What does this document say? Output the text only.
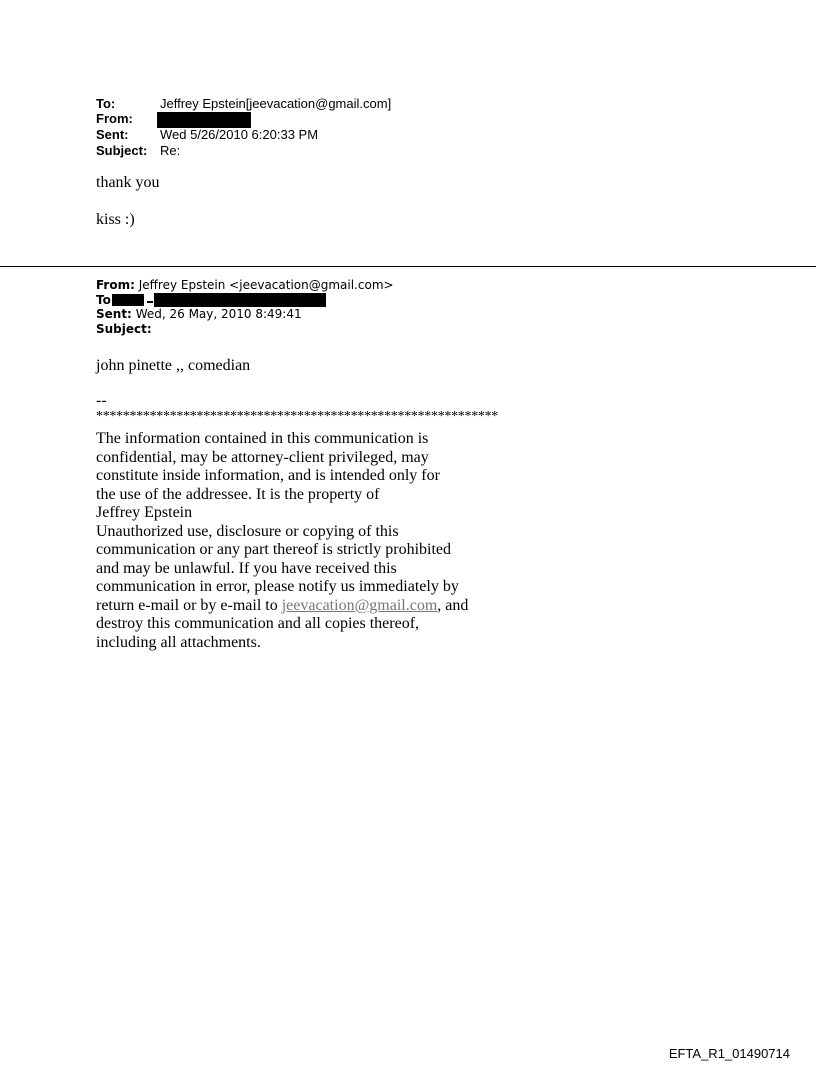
To:	Jeffrey Epstein[jeevacation@gmail.com]
From:
Sent: Wed 5/26/2010 6:20:33 PM
Subject: Re:
thank you
kiss :)
From: Jeffrey Epstein <jeevacation@gmail.com>
To
Sent: Wed, 26 May, 2010 8:49:41
Subject:
john pinette ,, comedian
--
************************************************************
The information contained in this communication is
confidential, may be attorney-client privileged, may
constitute inside information, and is intended only for
the use of the addressee. It is the property of
Jeffrey Epstein
Unauthorized use, disclosure or copying of this
communication or any part thereof is strictly prohibited
and may be unlawful. If you have received this
communication in error, please notify us immediately by
return e-mail or by e-mail to jeevacation@gmail.com, and
destroy this communication and all copies thereof,
including all attachments.
EFTA_R1_01490714
